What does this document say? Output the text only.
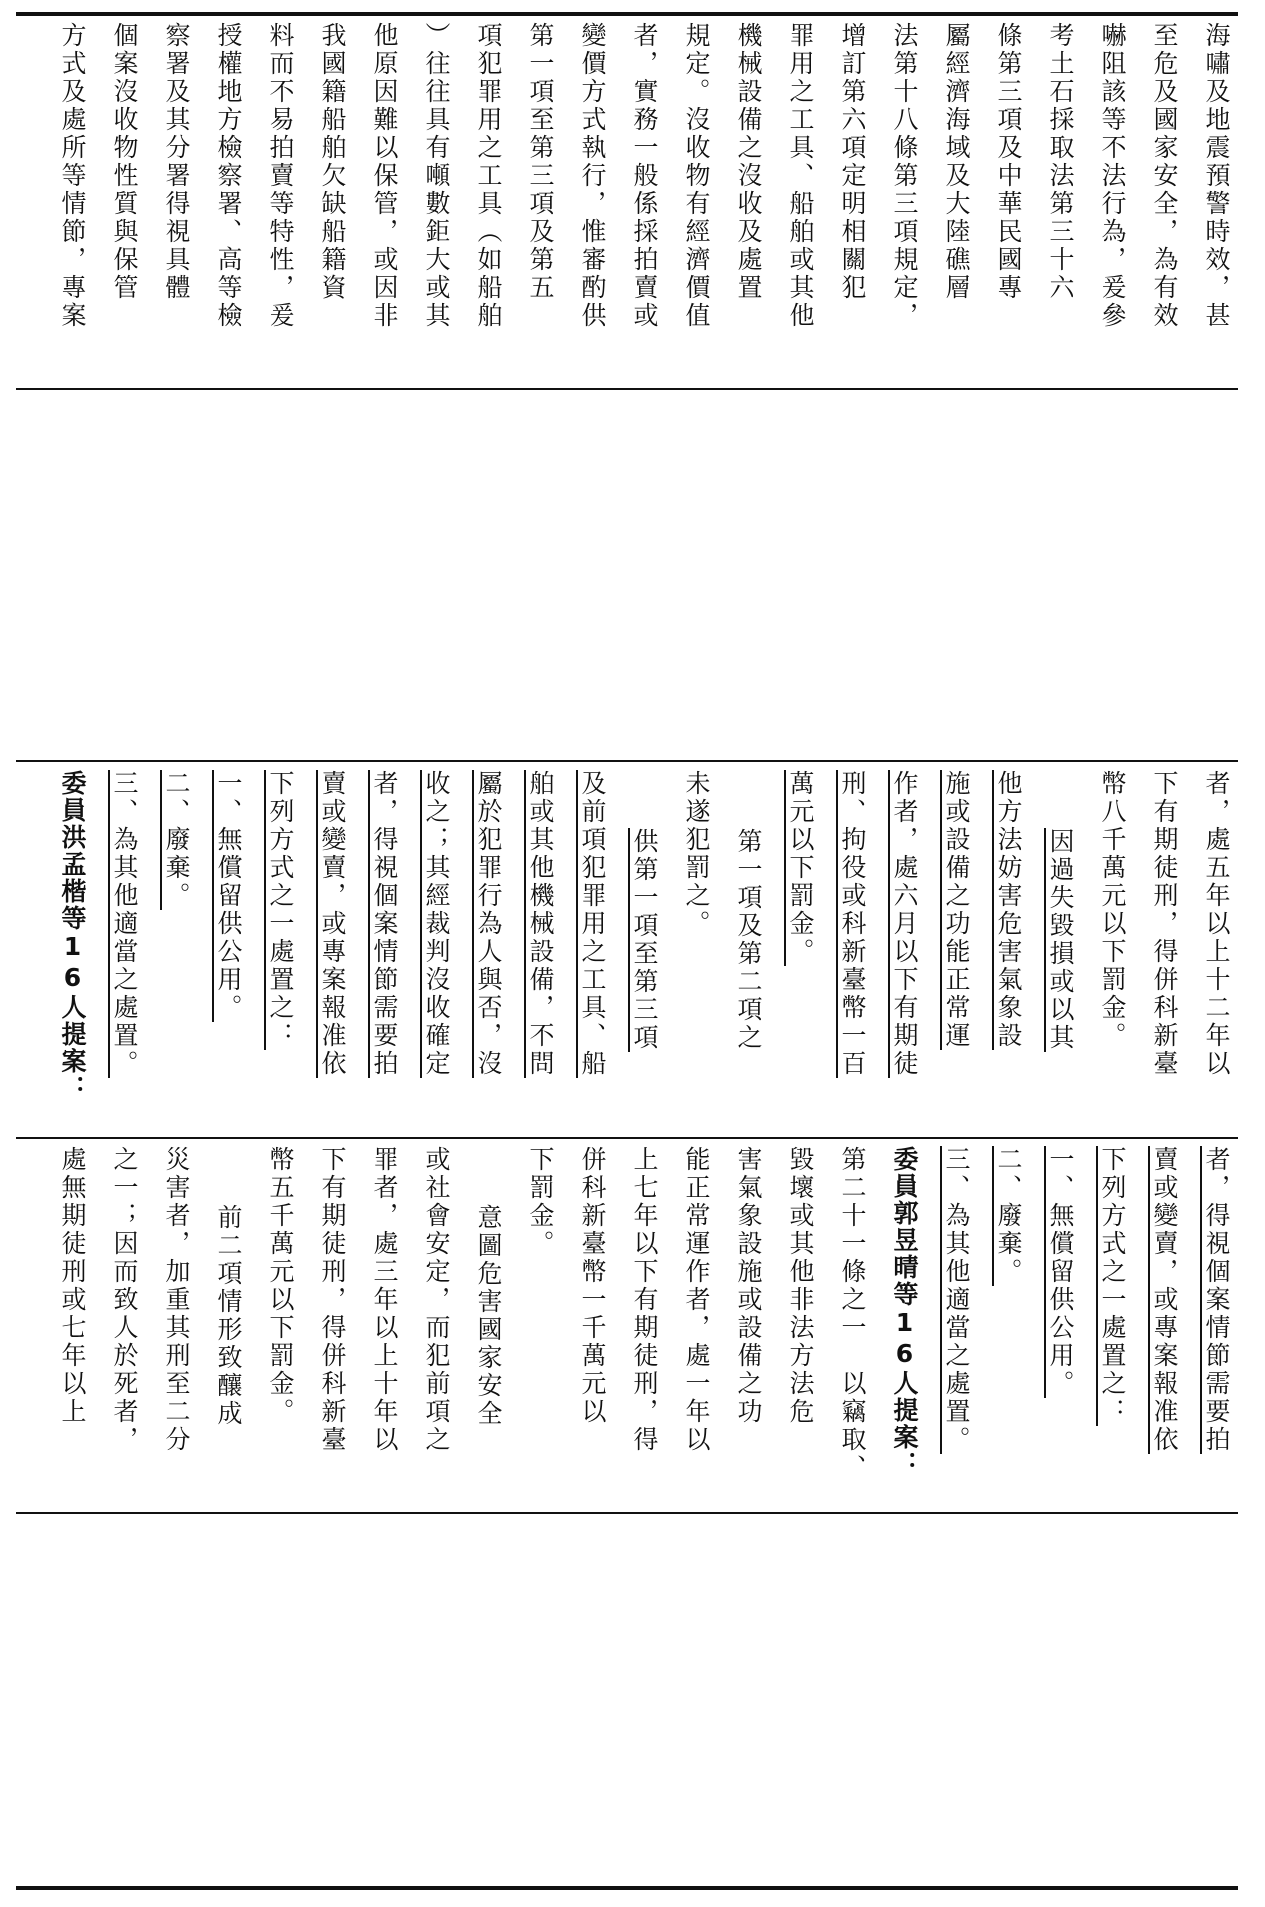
海嘯及地震預警時效，甚
至危及國家安全，為有效
嚇阻該等不法行為，爰參
考土石採取法第三十六
條第三項及中華民國專
屬經濟海域及大陸礁層
法第十八條第三項規定，
增訂第六項定明相關犯
罪用之工具、船舶或其他
機械設備之沒收及處置
規定。沒收物有經濟價值
者，實務一般係採拍賣或
變價方式執行，惟審酌供
第一項至第三項及第五
項犯罪用之工具（如船舶
）往往具有噸數鉅大或其
他原因難以保管，或因非
我國籍船舶欠缺船籍資
料而不易拍賣等特性，爰
授權地方檢察署、高等檢
察署及其分署得視具體
個案沒收物性質與保管
方式及處所等情節，專案
者，處五年以上十二年以
下有期徒刑，得併科新臺
幣八千萬元以下罰金。
因過失毀損或以其
他方法妨害危害氣象設
施或設備之功能正常運
作者，處六月以下有期徒
刑、拘役或科新臺幣一百
萬元以下罰金。
第一項及第二項之
未遂犯罰之。
供第一項至第三項
及前項犯罪用之工具、船
舶或其他機械設備，不問
屬於犯罪行為人與否，沒
收之；其經裁判沒收確定
者，得視個案情節需要拍
賣或變賣，或專案報准依
下列方式之一處置之：
一、無償留供公用。
二、廢棄。
三、為其他適當之處置。
委員洪孟楷等16人提案：
者，得視個案情節需要拍
賣或變賣，或專案報准依
下列方式之一處置之：
一、無償留供公用。
二、廢棄。
三、為其他適當之處置。
委員郭昱晴等16人提案：
第二十一條之一　以竊取、
毀壞或其他非法方法危
害氣象設施或設備之功
能正常運作者，處一年以
上七年以下有期徒刑，得
併科新臺幣一千萬元以
下罰金。
意圖危害國家安全
或社會安定，而犯前項之
罪者，處三年以上十年以
下有期徒刑，得併科新臺
幣五千萬元以下罰金。
前二項情形致釀成
災害者，加重其刑至二分
之一；因而致人於死者，
處無期徒刑或七年以上
